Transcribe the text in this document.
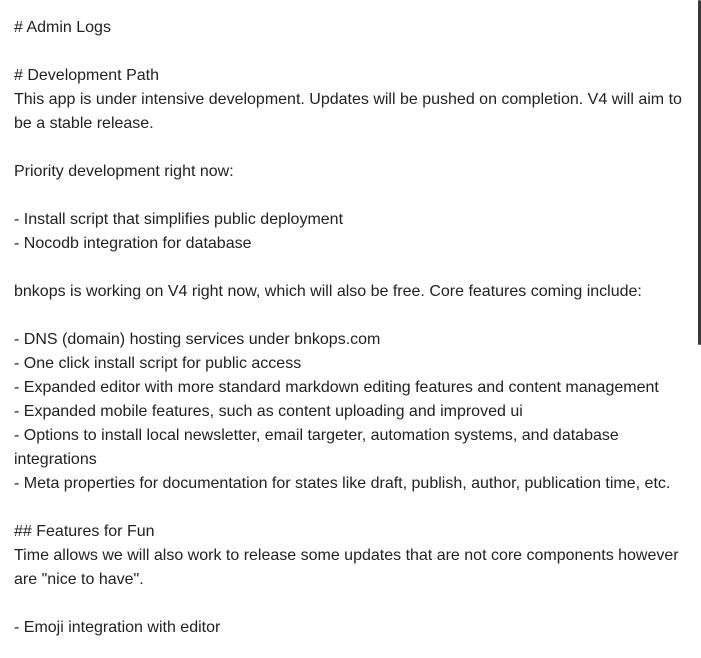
# Admin Logs
# Development Path
This app is under intensive development. Updates will be pushed on completion. V4 will aim to be a stable release.
Priority development right now:
- Install script that simplifies public deployment
- Nocodb integration for database
bnkops is working on V4 right now, which will also be free. Core features coming include:
- DNS (domain) hosting services under bnkops.com
- One click install script for public access
- Expanded editor with more standard markdown editing features and content management
- Expanded mobile features, such as content uploading and improved ui
- Options to install local newsletter, email targeter, automation systems, and database integrations
- Meta properties for documentation for states like draft, publish, author, publication time, etc.
## Features for Fun
Time allows we will also work to release some updates that are not core components however are "nice to have".
- Emoji integration with editor
